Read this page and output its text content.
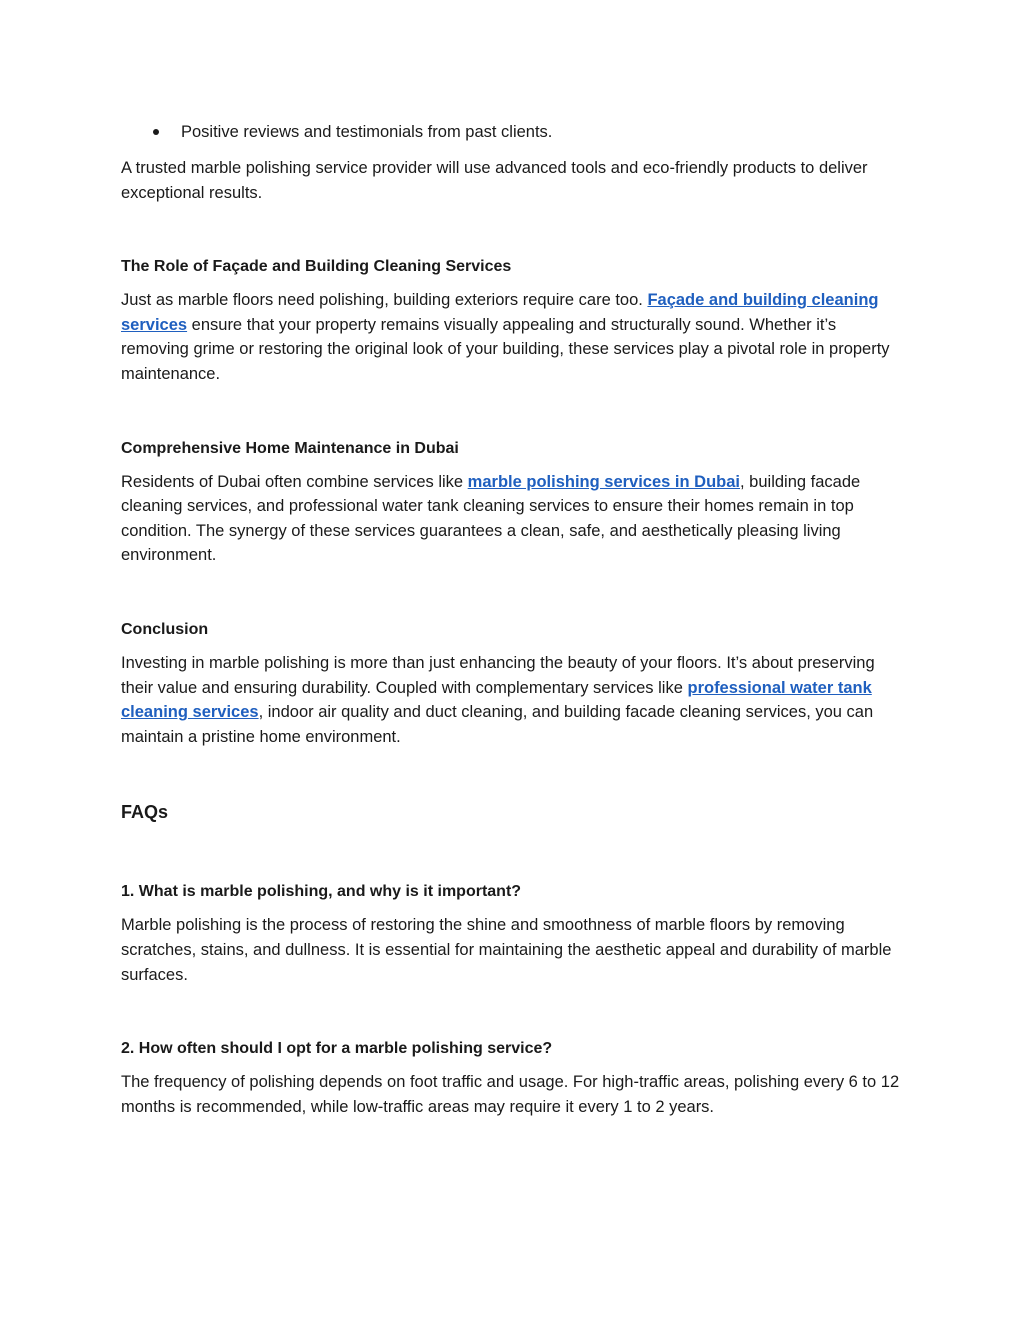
Positive reviews and testimonials from past clients.

A trusted marble polishing service provider will use advanced tools and eco-friendly products to deliver exceptional results.

The Role of Façade and Building Cleaning Services

Just as marble floors need polishing, building exteriors require care too. Façade and building cleaning services ensure that your property remains visually appealing and structurally sound. Whether it’s removing grime or restoring the original look of your building, these services play a pivotal role in property maintenance.

Comprehensive Home Maintenance in Dubai

Residents of Dubai often combine services like marble polishing services in Dubai, building facade cleaning services, and professional water tank cleaning services to ensure their homes remain in top condition. The synergy of these services guarantees a clean, safe, and aesthetically pleasing living environment.

Conclusion

Investing in marble polishing is more than just enhancing the beauty of your floors. It’s about preserving their value and ensuring durability. Coupled with complementary services like professional water tank cleaning services, indoor air quality and duct cleaning, and building facade cleaning services, you can maintain a pristine home environment.

FAQs
1. What is marble polishing, and why is it important?

Marble polishing is the process of restoring the shine and smoothness of marble floors by removing scratches, stains, and dullness. It is essential for maintaining the aesthetic appeal and durability of marble surfaces.

2. How often should I opt for a marble polishing service?

The frequency of polishing depends on foot traffic and usage. For high-traffic areas, polishing every 6 to 12 months is recommended, while low-traffic areas may require it every 1 to 2 years.
